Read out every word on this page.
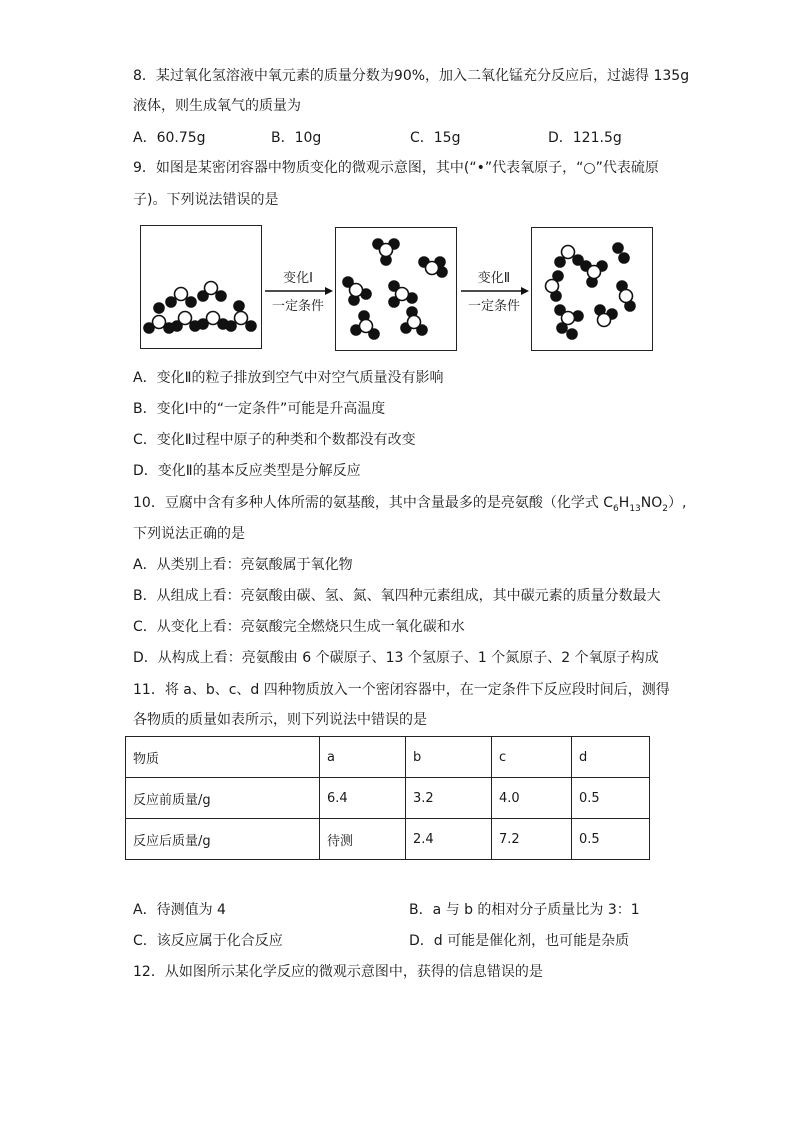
8．某过氧化氢溶液中氧元素的质量分数为90%，加入二氧化锰充分反应后，过滤得 135g
液体，则生成氧气的质量为
A．60.75g	B．10g	C．15g	D．121.5g
9．如图是某密闭容器中物质变化的微观示意图，其中(“•”代表氧原子，“○”代表硫原
子)。下列说法错误的是
变化Ⅰ
一定条件
变化Ⅱ
一定条件
A．变化Ⅱ的粒子排放到空气中对空气质量没有影响
B．变化Ⅰ中的“一定条件”可能是升高温度
C．变化Ⅱ过程中原子的种类和个数都没有改变
D．变化Ⅱ的基本反应类型是分解反应
10．豆腐中含有多种人体所需的氨基酸，其中含量最多的是亮氨酸（化学式 $C_6H_{13}NO_2$）,
下列说法正确的是
A．从类别上看：亮氨酸属于氧化物
B．从组成上看：亮氨酸由碳、氢、氮、氧四种元素组成，其中碳元素的质量分数最大
C．从变化上看：亮氨酸完全燃烧只生成一氧化碳和水
D．从构成上看：亮氨酸由 6 个碳原子、13 个氢原子、1 个氮原子、2 个氧原子构成
11．将 a、b、c、d 四种物质放入一个密闭容器中，在一定条件下反应段时间后，测得
各物质的质量如表所示，则下列说法中错误的是
物质	a	b	c	d
反应前质量/g	6.4	3.2	4.0	0.5
反应后质量/g	待测	2.4	7.2	0.5
A．待测值为 4	B．a 与 b 的相对分子质量比为 3：1
C．该反应属于化合反应	D．d 可能是催化剂，也可能是杂质
12．从如图所示某化学反应的微观示意图中，获得的信息错误的是
